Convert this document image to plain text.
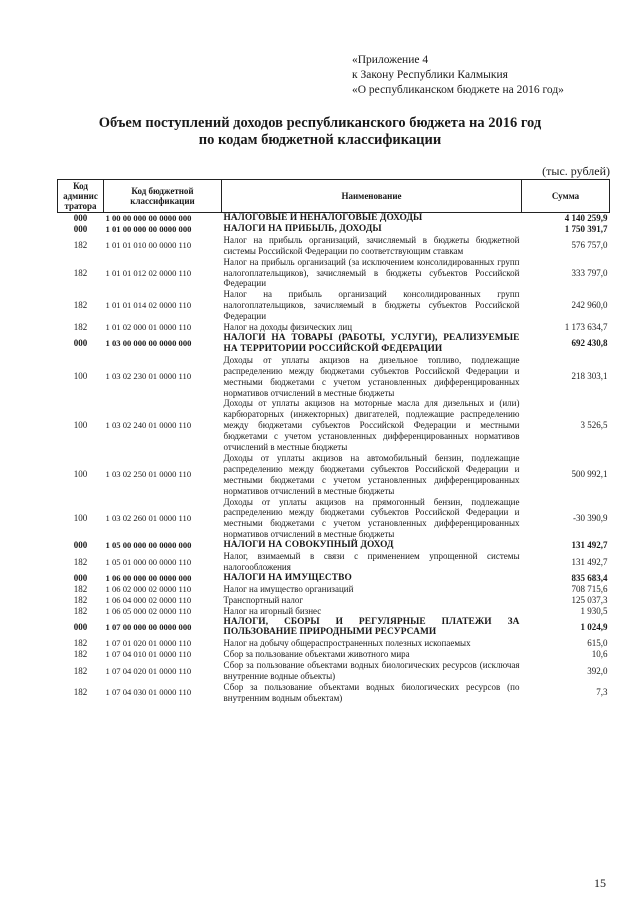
«Приложение 4
к Закону Республики Калмыкия
«О республиканском бюджете на 2016 год»
Объем поступлений доходов республиканского бюджета на 2016 год
по кодам бюджетной классификации
(тыс. рублей)
Код админис тратора	Код бюджетной классификации	Наименование	Сумма
000	1 00 00 000 00 0000 000	НАЛОГОВЫЕ И НЕНАЛОГОВЫЕ ДОХОДЫ	4 140 259,9
000	1 01 00 000 00 0000 000	НАЛОГИ НА ПРИБЫЛЬ, ДОХОДЫ	1 750 391,7
182	1 01 01 010 00 0000 110	Налог на прибыль организаций, зачисляемый в бюджеты бюджетной системы Российской Федерации по соответствующим ставкам	576 757,0
182	1 01 01 012 02 0000 110	Налог на прибыль организаций (за исключением консолидированных групп налогоплательщиков), зачисляемый в бюджеты субъектов Российской Федерации	333 797,0
182	1 01 01 014 02 0000 110	Налог на прибыль организаций консолидированных групп налогоплательщиков, зачисляемый в бюджеты субъектов Российской Федерации	242 960,0
182	1 01 02 000 01 0000 110	Налог на доходы физических лиц	1 173 634,7
000	1 03 00 000 00 0000 000	НАЛОГИ НА ТОВАРЫ (РАБОТЫ, УСЛУГИ), РЕАЛИЗУЕМЫЕ НА ТЕРРИТОРИИ РОССИЙСКОЙ ФЕДЕРАЦИИ	692 430,8
100	1 03 02 230 01 0000 110	Доходы от уплаты акцизов на дизельное топливо, подлежащие распределению между бюджетами субъектов Российской Федерации и местными бюджетами с учетом установленных дифференцированных нормативов отчислений в местные бюджеты	218 303,1
100	1 03 02 240 01 0000 110	Доходы от уплаты акцизов на моторные масла для дизельных и (или) карбюраторных (инжекторных) двигателей, подлежащие распределению между бюджетами субъектов Российской Федерации и местными бюджетами с учетом установленных дифференцированных нормативов отчислений в местные бюджеты	3 526,5
100	1 03 02 250 01 0000 110	Доходы от уплаты акцизов на автомобильный бензин, подлежащие распределению между бюджетами субъектов Российской Федерации и местными бюджетами с учетом установленных дифференцированных нормативов отчислений в местные бюджеты	500 992,1
100	1 03 02 260 01 0000 110	Доходы от уплаты акцизов на прямогонный бензин, подлежащие распределению между бюджетами субъектов Российской Федерации и местными бюджетами с учетом установленных дифференцированных нормативов отчислений в местные бюджеты	-30 390,9
000	1 05 00 000 00 0000 000	НАЛОГИ НА СОВОКУПНЫЙ ДОХОД	131 492,7
182	1 05 01 000 00 0000 110	Налог, взимаемый в связи с применением упрощенной системы налогообложения	131 492,7
000	1 06 00 000 00 0000 000	НАЛОГИ НА ИМУЩЕСТВО	835 683,4
182	1 06 02 000 02 0000 110	Налог на имущество организаций	708 715,6
182	1 06 04 000 02 0000 110	Транспортный налог	125 037,3
182	1 06 05 000 02 0000 110	Налог на игорный бизнес	1 930,5
000	1 07 00 000 00 0000 000	НАЛОГИ, СБОРЫ И РЕГУЛЯРНЫЕ ПЛАТЕЖИ ЗА ПОЛЬЗОВАНИЕ ПРИРОДНЫМИ РЕСУРСАМИ	1 024,9
182	1 07 01 020 01 0000 110	Налог на добычу общераспространенных полезных ископаемых	615,0
182	1 07 04 010 01 0000 110	Сбор за пользование объектами животного мира	10,6
182	1 07 04 020 01 0000 110	Сбор за пользование объектами водных биологических ресурсов (исключая внутренние водные объекты)	392,0
182	1 07 04 030 01 0000 110	Сбор за пользование объектами водных биологических ресурсов (по внутренним водным объектам)	7,3
15
